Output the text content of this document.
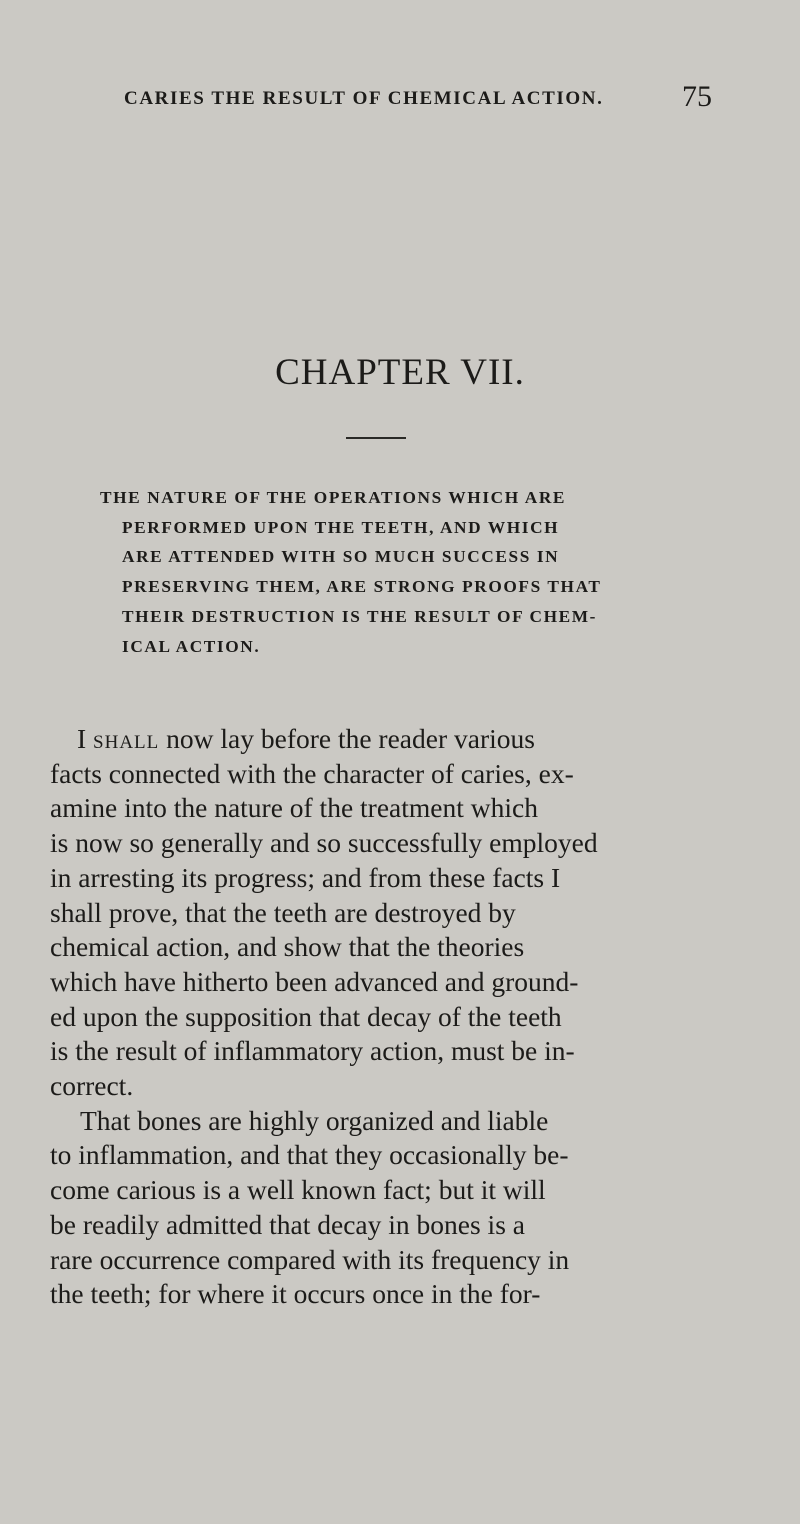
CARIES THE RESULT OF CHEMICAL ACTION.	75
CHAPTER VII.
THE NATURE OF THE OPERATIONS WHICH ARE
PERFORMED UPON THE TEETH, AND WHICH
ARE ATTENDED WITH SO MUCH SUCCESS IN
PRESERVING THEM, ARE STRONG PROOFS THAT
THEIR DESTRUCTION IS THE RESULT OF CHEM-
ICAL ACTION.
I shall now lay before the reader various
facts connected with the character of caries, ex-
amine into the nature of the treatment which
is now so generally and so successfully employed
in arresting its progress; and from these facts I
shall prove, that the teeth are destroyed by
chemical action, and show that the theories
which have hitherto been advanced and ground-
ed upon the supposition that decay of the teeth
is the result of inflammatory action, must be in-
correct.
That bones are highly organized and liable
to inflammation, and that they occasionally be-
come carious is a well known fact; but it will
be readily admitted that decay in bones is a
rare occurrence compared with its frequency in
the teeth; for where it occurs once in the for-
